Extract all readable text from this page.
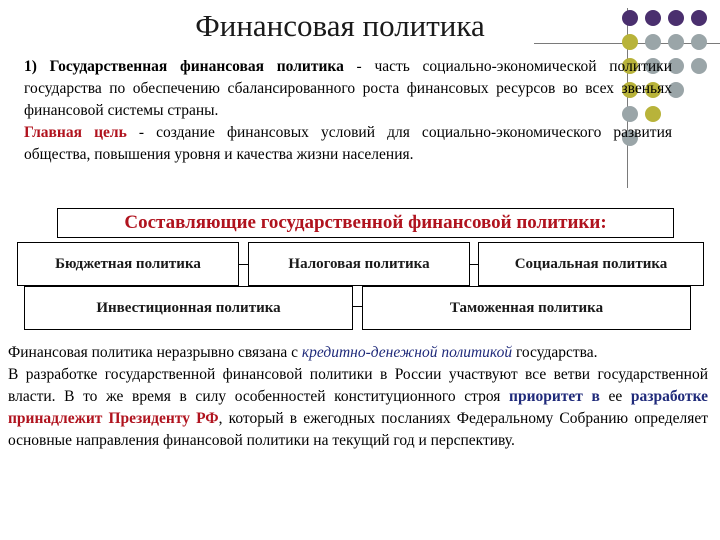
Финансовая политика
1) Государственная финансовая политика - часть социально-экономической политики государства по обеспечению сбалансированного роста финансовых ресурсов во всех звеньях финансовой системы страны.
Главная цель - создание финансовых условий для социально-экономического развития общества, повышения уровня и качества жизни населения.
Составляющие государственной финансовой политики:
Бюджетная политика	Налоговая политика	Социальная политика
Инвестиционная политика	Таможенная политика
Финансовая политика неразрывно связана с кредитно-денежной политикой государства.
В разработке государственной финансовой политики в России участвуют все ветви государственной власти. В то же время в силу особенностей конституционного строя приоритет в ее разработке принадлежит Президенту РФ, который в ежегодных посланиях Федеральному Собранию определяет основные направления финансовой политики на текущий год и перспективу.
